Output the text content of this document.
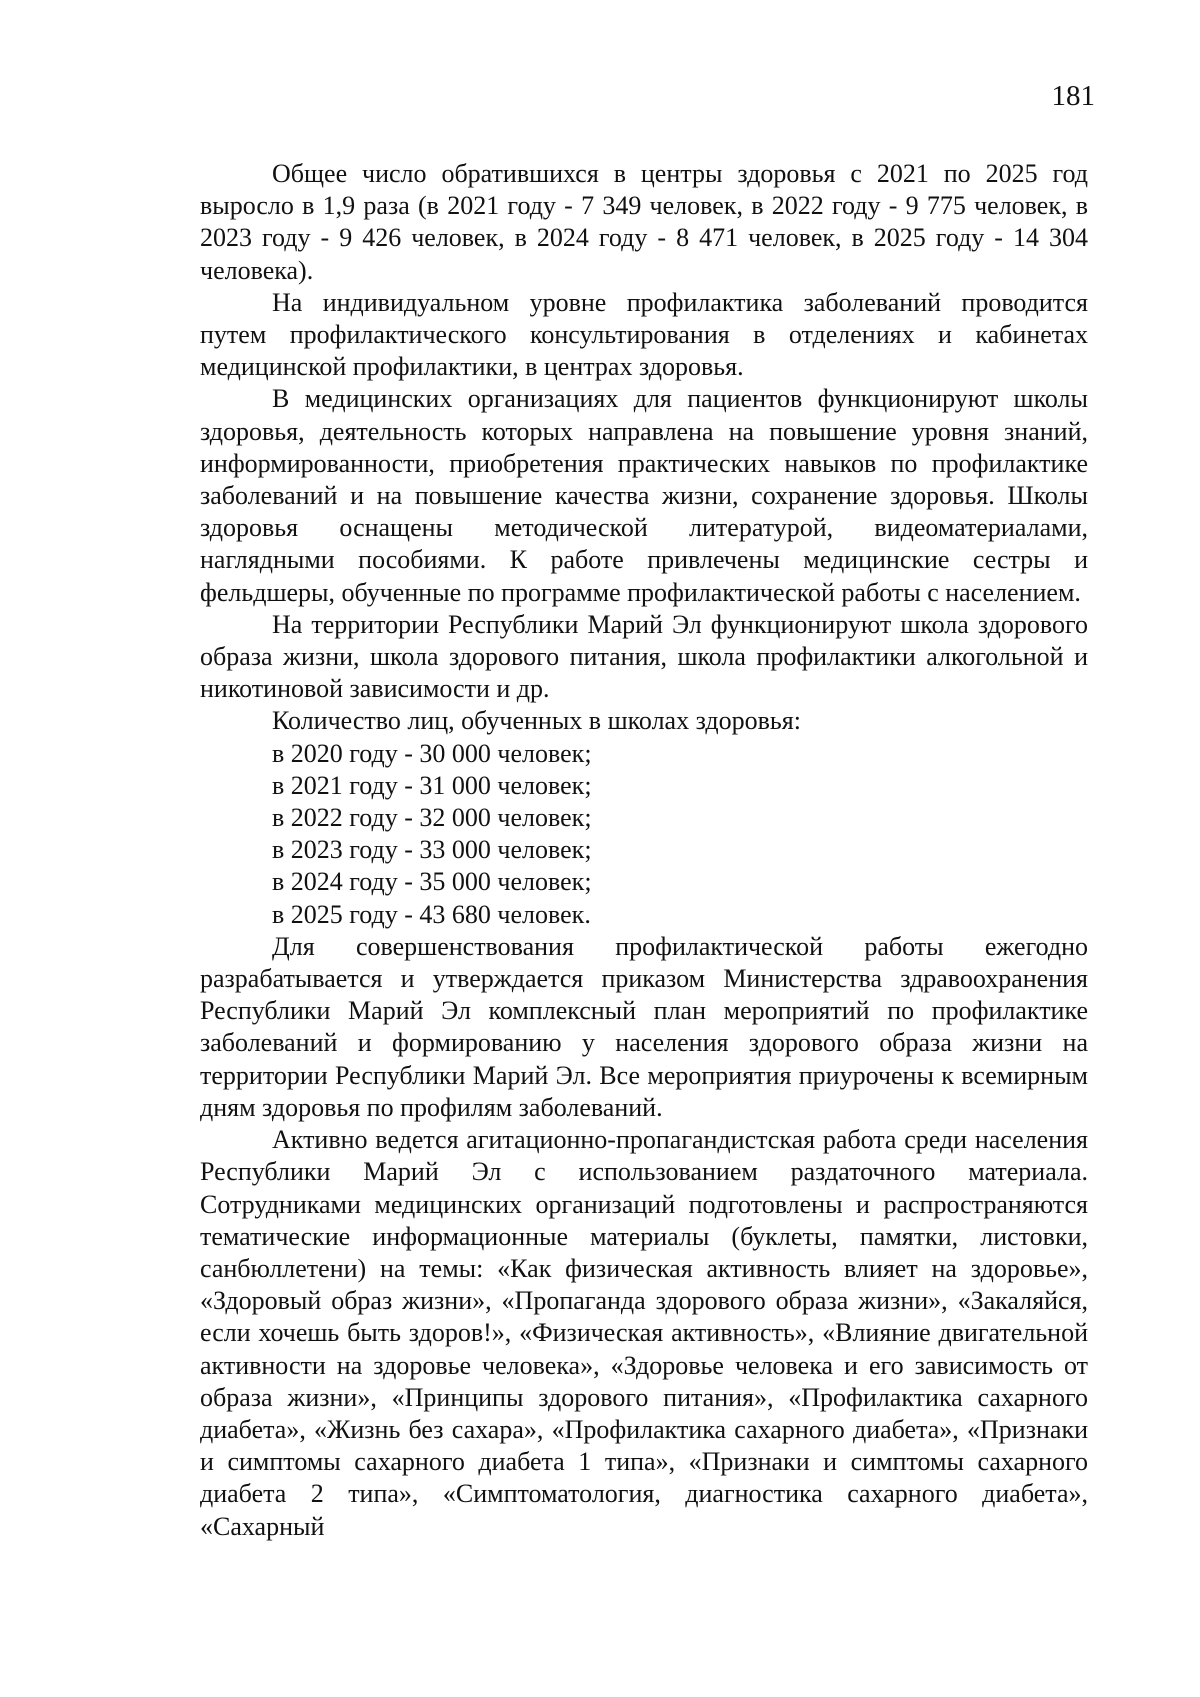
181

Общее число обратившихся в центры здоровья с 2021 по 2025 год выросло в 1,9 раза (в 2021 году - 7 349 человек, в 2022 году - 9 775 человек, в 2023 году - 9 426 человек, в 2024 году - 8 471 человек, в 2025 году - 14 304 человека).

На индивидуальном уровне профилактика заболеваний проводится путем профилактического консультирования в отделениях и кабинетах медицинской профилактики, в центрах здоровья.

В медицинских организациях для пациентов функционируют школы здоровья, деятельность которых направлена на повышение уровня знаний, информированности, приобретения практических навыков по профилактике заболеваний и на повышение качества жизни, сохранение здоровья. Школы здоровья оснащены методической литературой, видеоматериалами, наглядными пособиями. К работе привлечены медицинские сестры и фельдшеры, обученные по программе профилактической работы с населением.

На территории Республики Марий Эл функционируют школа здорового образа жизни, школа здорового питания, школа профилактики алкогольной и никотиновой зависимости и др.

Количество лиц, обученных в школах здоровья:

в 2020 году - 30 000 человек;

в 2021 году - 31 000 человек;

в 2022 году - 32 000 человек;

в 2023 году - 33 000 человек;

в 2024 году - 35 000 человек;

в 2025 году - 43 680 человек.

Для совершенствования профилактической работы ежегодно разрабатывается и утверждается приказом Министерства здравоохранения Республики Марий Эл комплексный план мероприятий по профилактике заболеваний и формированию у населения здорового образа жизни на территории Республики Марий Эл. Все мероприятия приурочены к всемирным дням здоровья по профилям заболеваний.

Активно ведется агитационно-пропагандистская работа среди населения Республики Марий Эл с использованием раздаточного материала. Сотрудниками медицинских организаций подготовлены и распространяются тематические информационные материалы (буклеты, памятки, листовки, санбюллетени) на темы: «Как физическая активность влияет на здоровье», «Здоровый образ жизни», «Пропаганда здорового образа жизни», «Закаляйся, если хочешь быть здоров!», «Физическая активность», «Влияние двигательной активности на здоровье человека», «Здоровье человека и его зависимость от образа жизни», «Принципы здорового питания», «Профилактика сахарного диабета», «Жизнь без сахара», «Профилактика сахарного диабета», «Признаки и симптомы сахарного диабета 1 типа», «Признаки и симптомы сахарного диабета 2 типа», «Симптоматология, диагностика сахарного диабета», «Сахарный
